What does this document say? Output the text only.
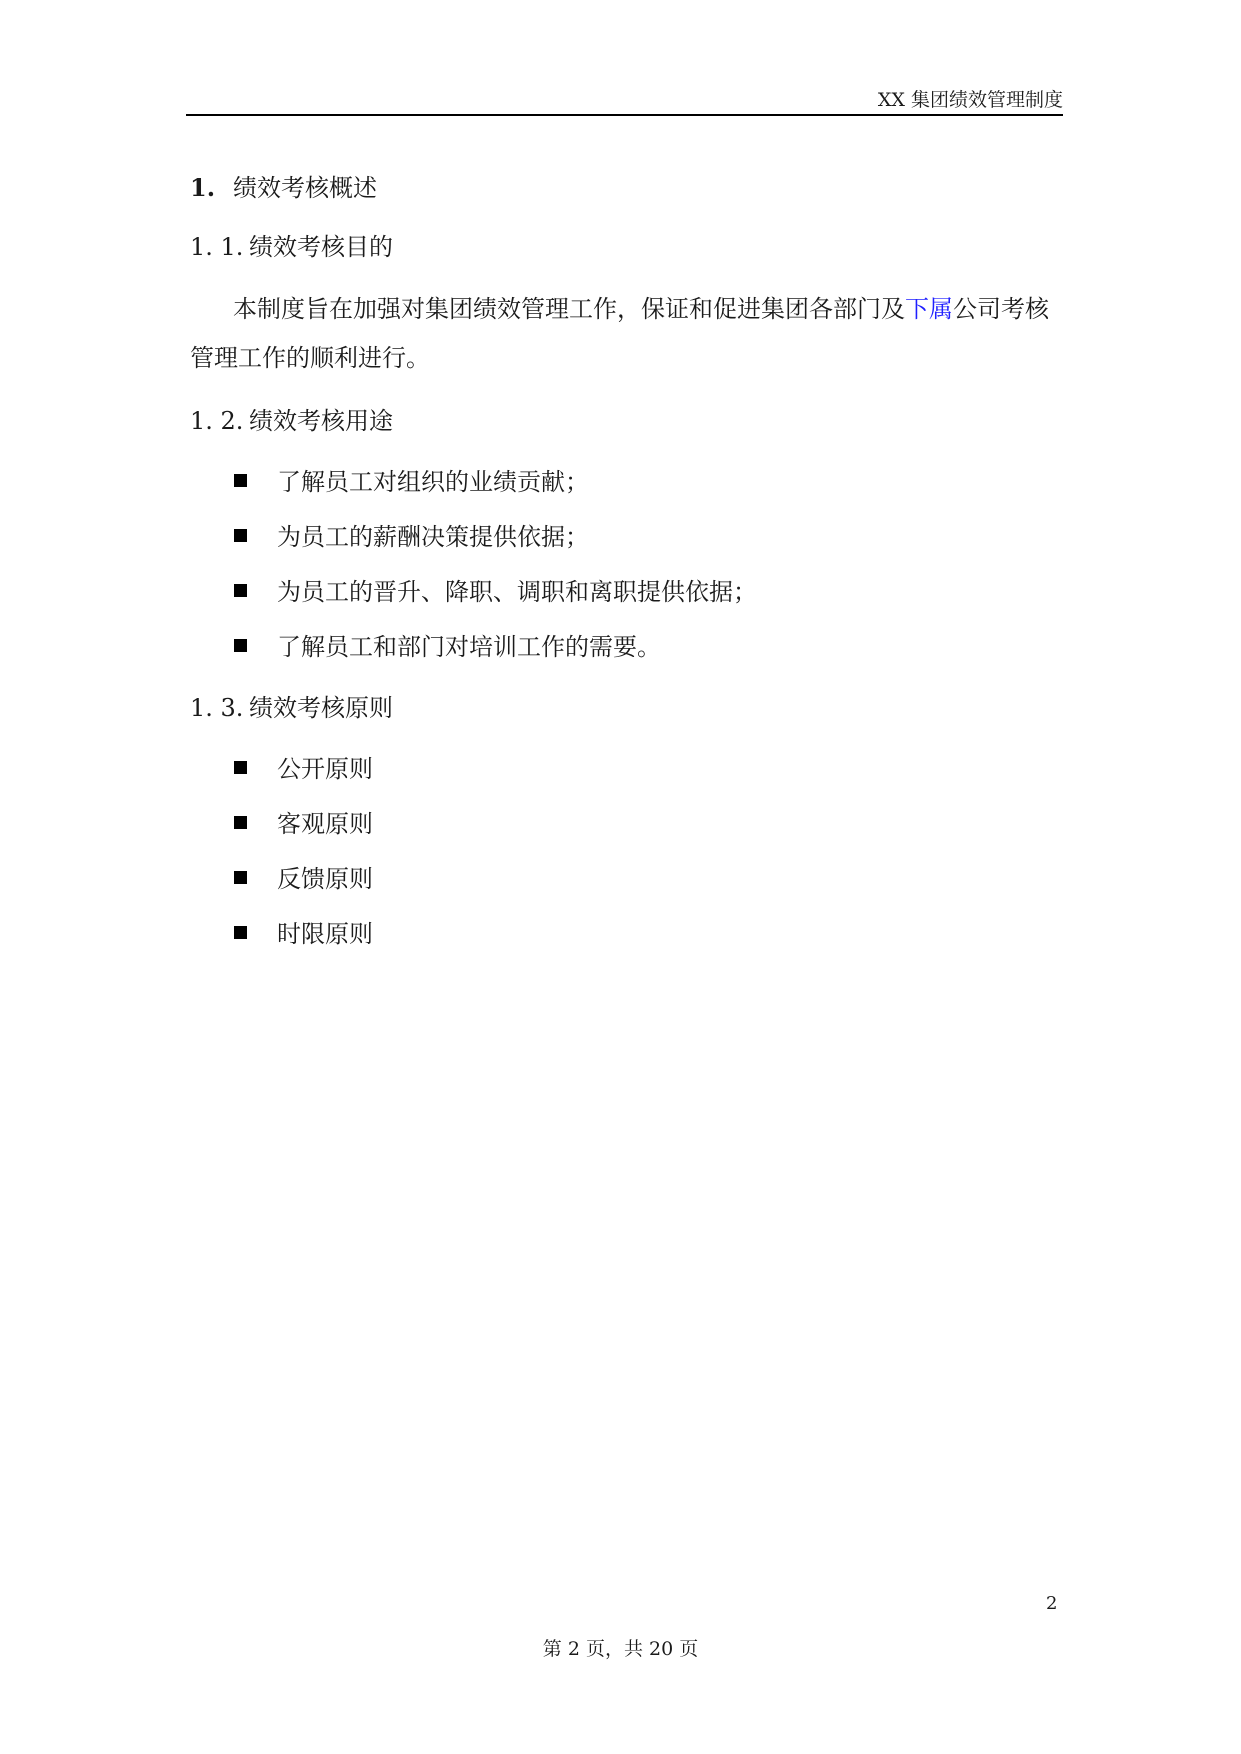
XX 集团绩效管理制度
1. 绩效考核概述
1. 1. 绩效考核目的
本制度旨在加强对集团绩效管理工作，保证和促进集团各部门及下属公司考核管理工作的顺利进行。
1. 2. 绩效考核用途
了解员工对组织的业绩贡献；
为员工的薪酬决策提供依据；
为员工的晋升、降职、调职和离职提供依据；
了解员工和部门对培训工作的需要。
1. 3. 绩效考核原则
公开原则
客观原则
反馈原则
时限原则
2
第 2 页，共 20 页
